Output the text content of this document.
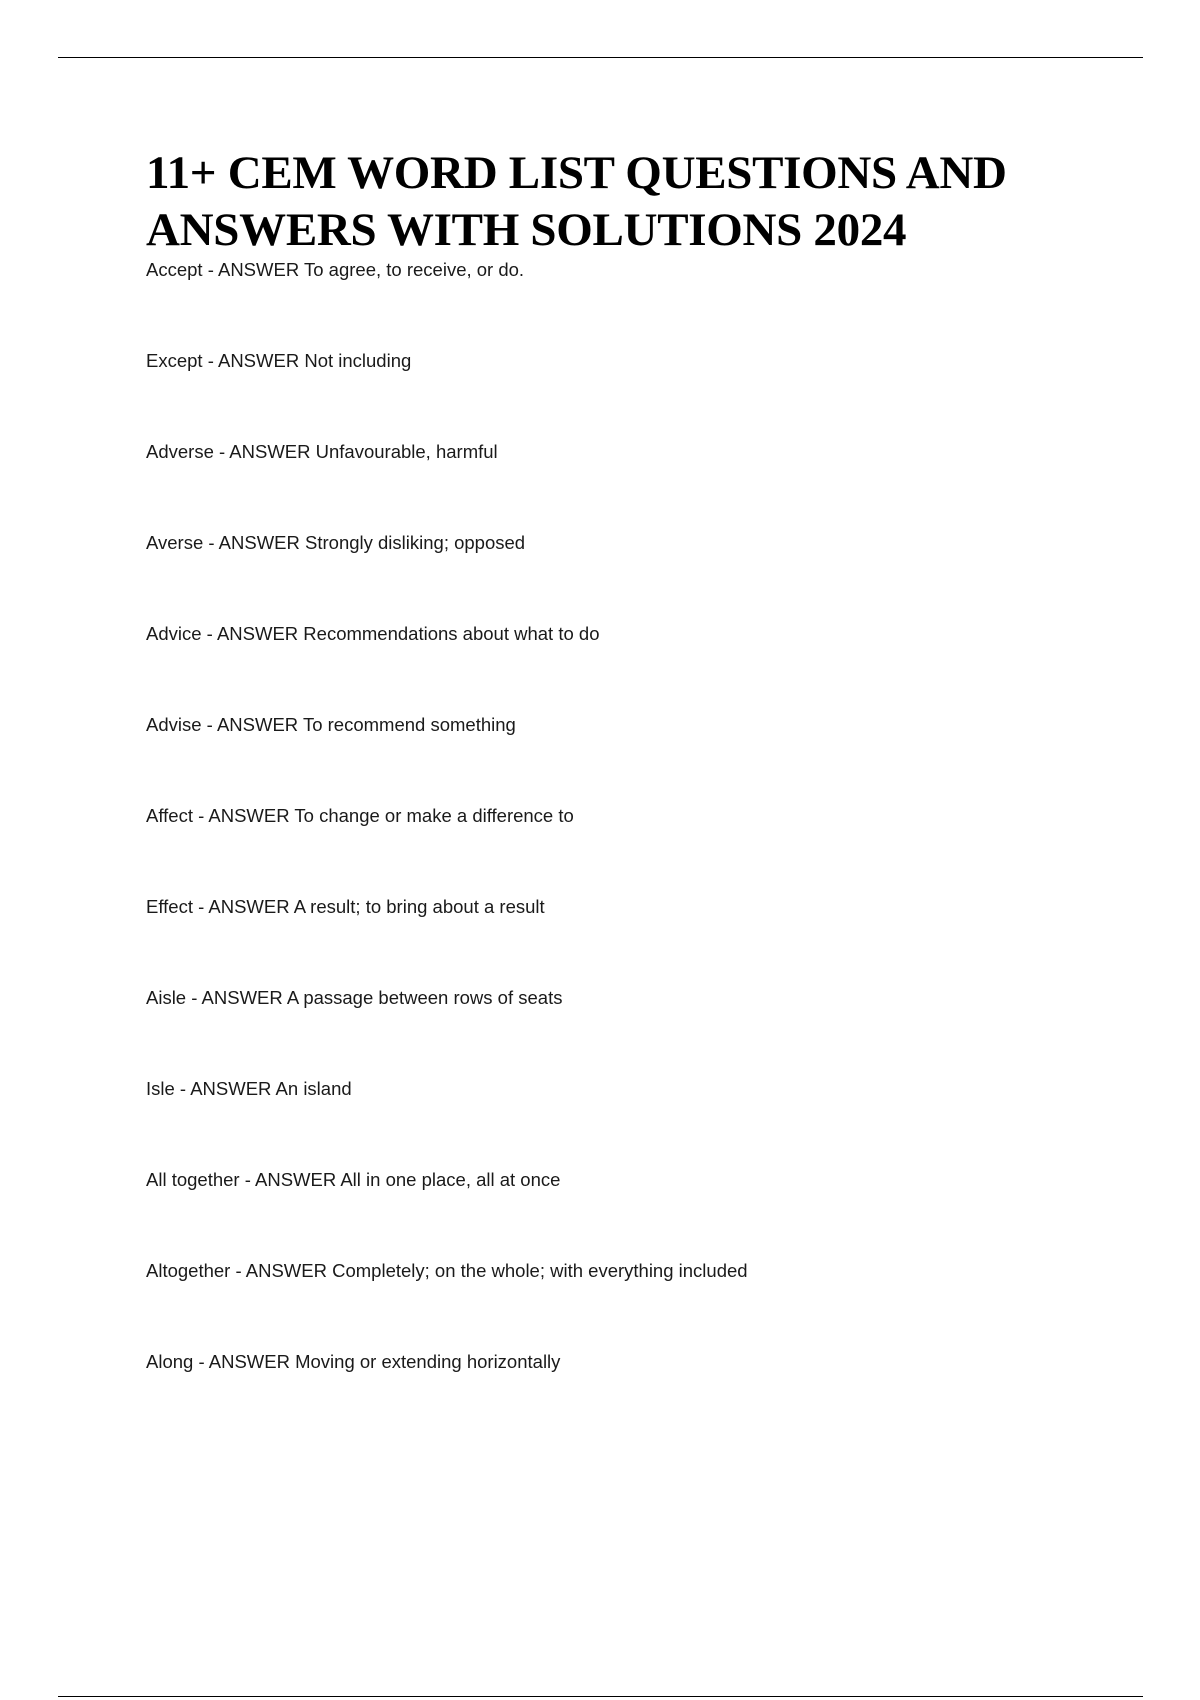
11+ CEM WORD LIST QUESTIONS AND ANSWERS WITH SOLUTIONS 2024
Accept - ANSWER To agree, to receive, or do.
Except - ANSWER Not including
Adverse - ANSWER Unfavourable, harmful
Averse - ANSWER Strongly disliking; opposed
Advice - ANSWER Recommendations about what to do
Advise - ANSWER To recommend something
Affect - ANSWER To change or make a difference to
Effect - ANSWER A result; to bring about a result
Aisle - ANSWER A passage between rows of seats
Isle - ANSWER An island
All together - ANSWER All in one place, all at once
Altogether - ANSWER Completely; on the whole; with everything included
Along - ANSWER Moving or extending horizontally
